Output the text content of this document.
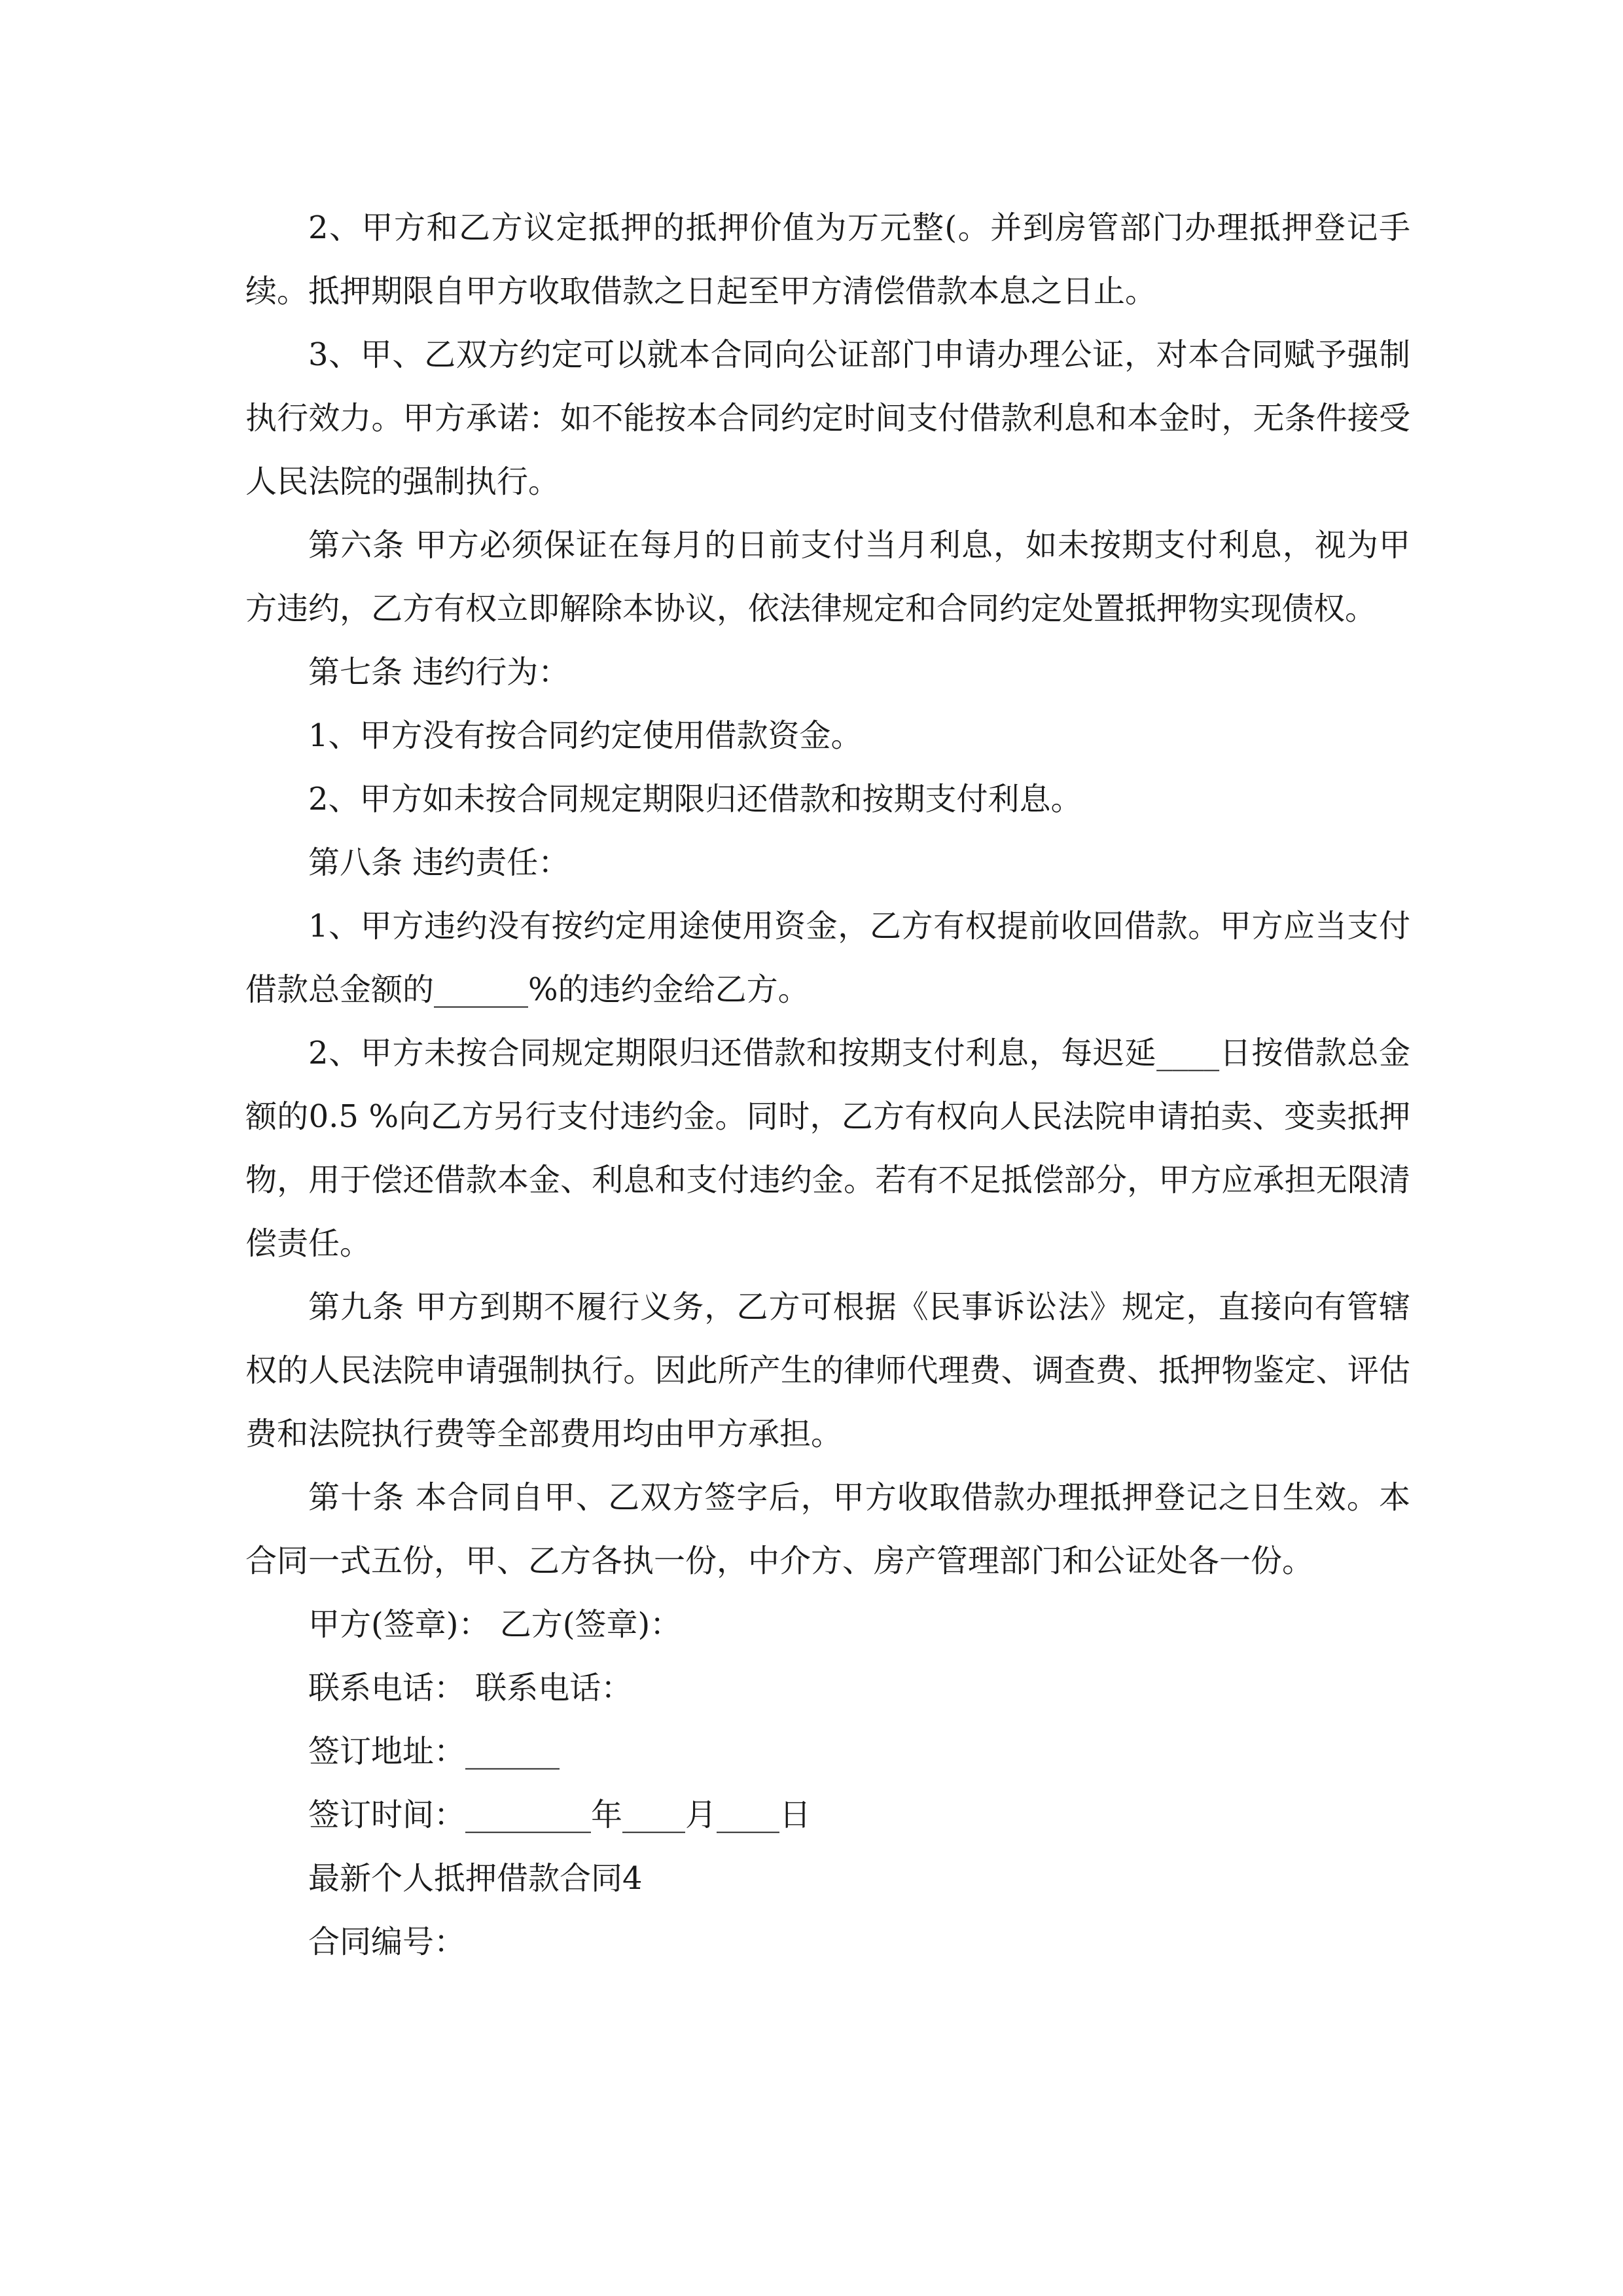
2、甲方和乙方议定抵押的抵押价值为万元整(。并到房管部门办理抵押登记手续。抵押期限自甲方收取借款之日起至甲方清偿借款本息之日止。

3、甲、乙双方约定可以就本合同向公证部门申请办理公证，对本合同赋予强制执行效力。甲方承诺：如不能按本合同约定时间支付借款利息和本金时，无条件接受人民法院的强制执行。

第六条 甲方必须保证在每月的日前支付当月利息，如未按期支付利息，视为甲方违约，乙方有权立即解除本协议，依法律规定和合同约定处置抵押物实现债权。

第七条 违约行为：

1、甲方没有按合同约定使用借款资金。

2、甲方如未按合同规定期限归还借款和按期支付利息。

第八条 违约责任：

1、甲方违约没有按约定用途使用资金，乙方有权提前收回借款。甲方应当支付借款总金额的______%的违约金给乙方。

2、甲方未按合同规定期限归还借款和按期支付利息，每迟延____日按借款总金额的0.5 %向乙方另行支付违约金。同时，乙方有权向人民法院申请拍卖、变卖抵押物，用于偿还借款本金、利息和支付违约金。若有不足抵偿部分，甲方应承担无限清偿责任。

第九条 甲方到期不履行义务，乙方可根据《民事诉讼法》规定，直接向有管辖权的人民法院申请强制执行。因此所产生的律师代理费、调查费、抵押物鉴定、评估费和法院执行费等全部费用均由甲方承担。

第十条 本合同自甲、乙双方签字后，甲方收取借款办理抵押登记之日生效。本合同一式五份，甲、乙方各执一份，中介方、房产管理部门和公证处各一份。

甲方(签章)： 乙方(签章)：

联系电话： 联系电话：

签订地址：______

签订时间：________年____月____日

最新个人抵押借款合同4

合同编号：
